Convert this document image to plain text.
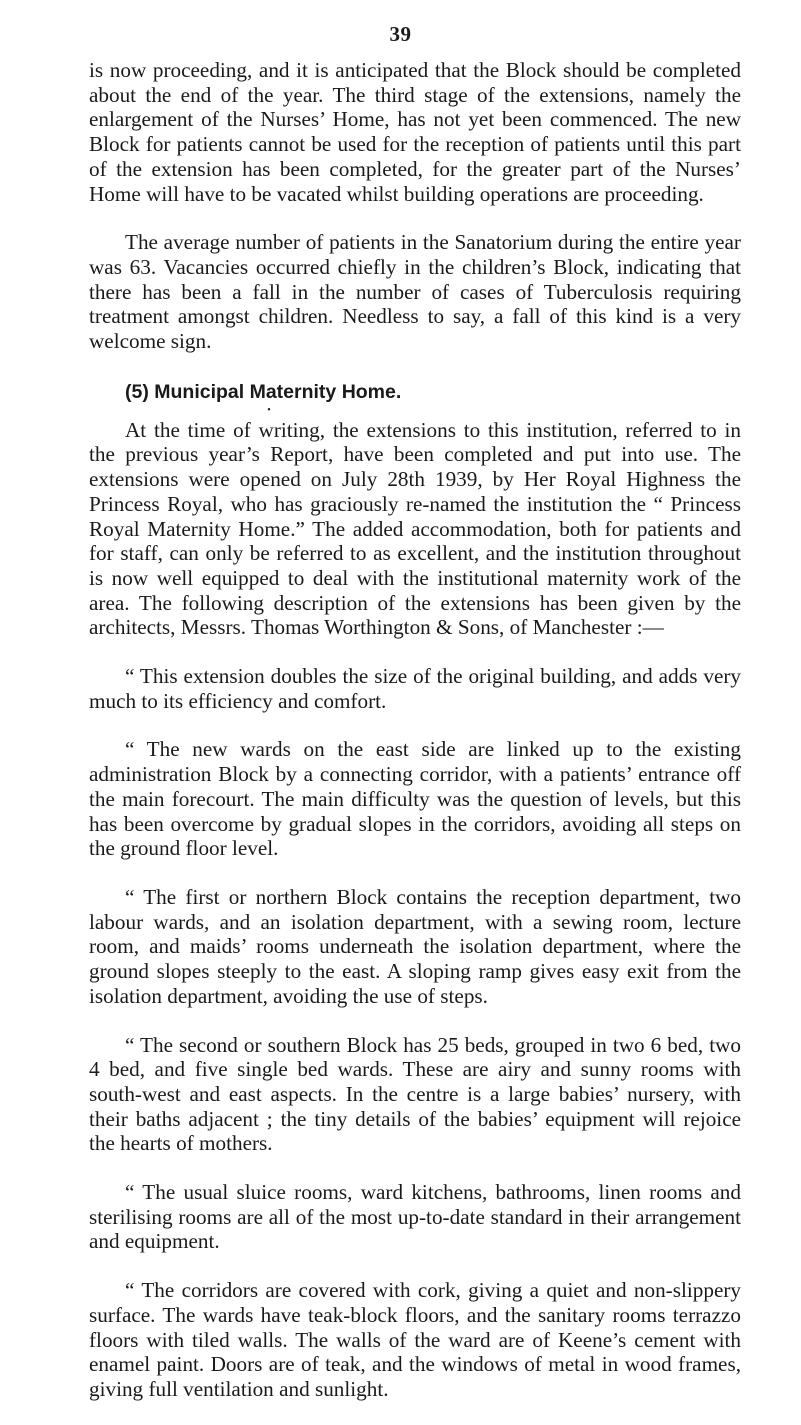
39

is now proceeding, and it is anticipated that the Block should be completed about the end of the year. The third stage of the extensions, namely the enlargement of the Nurses’ Home, has not yet been commenced. The new Block for patients cannot be used for the reception of patients until this part of the extension has been completed, for the greater part of the Nurses’ Home will have to be vacated whilst building operations are proceeding.

The average number of patients in the Sanatorium during the entire year was 63. Vacancies occurred chiefly in the children’s Block, indicating that there has been a fall in the number of cases of Tuberculosis requiring treatment amongst children. Needless to say, a fall of this kind is a very welcome sign.

(5) Municipal Maternity Home.
•

At the time of writing, the extensions to this institution, referred to in the previous year’s Report, have been completed and put into use. The extensions were opened on July 28th 1939, by Her Royal Highness the Princess Royal, who has graciously re-named the institution the “ Princess Royal Maternity Home.” The added accommodation, both for patients and for staff, can only be referred to as excellent, and the institution throughout is now well equipped to deal with the institutional maternity work of the area. The following description of the extensions has been given by the architects, Messrs. Thomas Worthington & Sons, of Manchester :—

“ This extension doubles the size of the original building, and adds very much to its efficiency and comfort.

“ The new wards on the east side are linked up to the existing administration Block by a connecting corridor, with a patients’ entrance off the main forecourt. The main difficulty was the question of levels, but this has been overcome by gradual slopes in the corridors, avoiding all steps on the ground floor level.

“ The first or northern Block contains the reception department, two labour wards, and an isolation department, with a sewing room, lecture room, and maids’ rooms underneath the isolation department, where the ground slopes steeply to the east. A sloping ramp gives easy exit from the isolation department, avoiding the use of steps.

“ The second or southern Block has 25 beds, grouped in two 6 bed, two 4 bed, and five single bed wards. These are airy and sunny rooms with south-west and east aspects. In the centre is a large babies’ nursery, with their baths adjacent ; the tiny details of the babies’ equipment will rejoice the hearts of mothers.

“ The usual sluice rooms, ward kitchens, bathrooms, linen rooms and sterilising rooms are all of the most up-to-date standard in their arrangement and equipment.

“ The corridors are covered with cork, giving a quiet and non-slippery surface. The wards have teak-block floors, and the sanitary rooms terrazzo floors with tiled walls. The walls of the ward are of Keene’s cement with enamel paint. Doors are of teak, and the windows of metal in wood frames, giving full ventilation and sunlight.
